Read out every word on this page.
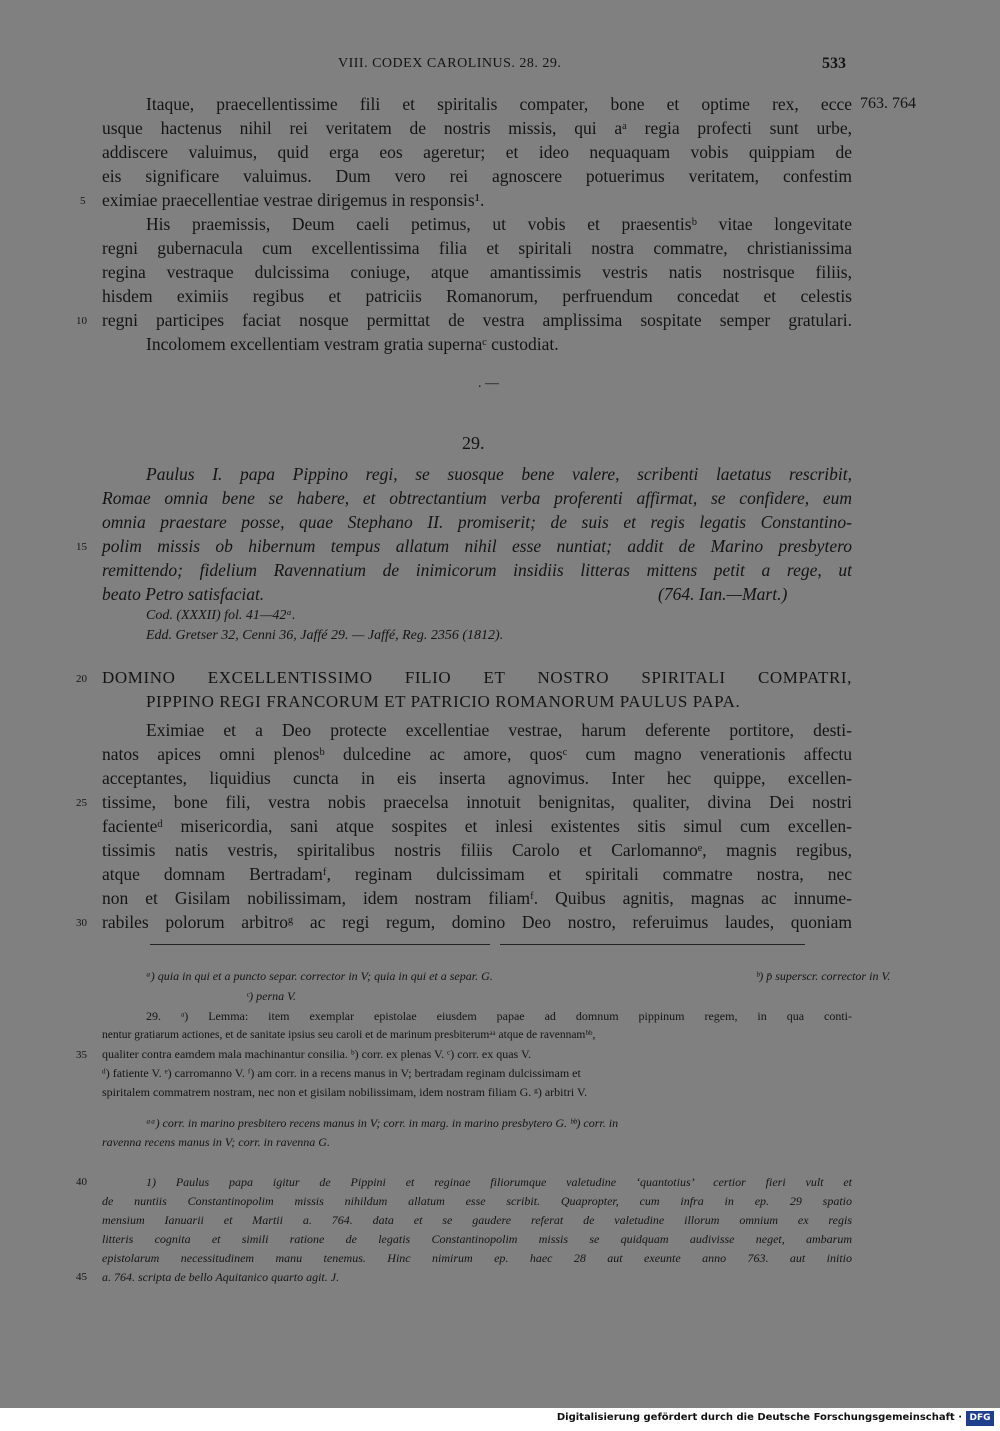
VIII. CODEX CAROLINUS. 28. 29.	533
763. 764
Itaque, praecellentissime fili et spiritalis compater, bone et optime rex, ecce
usque hactenus nihil rei veritatem de nostris missis, qui aᵃ regia profecti sunt urbe,
addiscere valuimus, quid erga eos ageretur; et ideo nequaquam vobis quippiam de
eis significare valuimus. Dum vero rei agnoscere potuerimus veritatem, confestim
eximiae praecellentiae vestrae dirigemus in responsis¹.
His praemissis, Deum caeli petimus, ut vobis et praesentisᵇ vitae longevitate
regni gubernacula cum excellentissima filia et spiritali nostra commatre, christianissima
regina vestraque dulcissima coniuge, atque amantissimis vestris natis nostrisque filiis,
hisdem eximiis regibus et patriciis Romanorum, perfruendum concedat et celestis
regni participes faciat nosque permittat de vestra amplissima sospitate semper gratulari.
Incolomem excellentiam vestram gratia supernaᶜ custodiat.
. —
29.
Paulus I. papa Pippino regi, se suosque bene valere, scribenti laetatus rescribit,
Romae omnia bene se habere, et obtrectantium verba proferenti affirmat, se confidere, eum
omnia praestare posse, quae Stephano II. promiserit; de suis et regis legatis Constantino-
polim missis ob hibernum tempus allatum nihil esse nuntiat; addit de Marino presbytero
remittendo; fidelium Ravennatium de inimicorum insidiis litteras mittens petit a rege, ut
beato Petro satisfaciat.	(764. Ian.—Mart.)
Cod. (XXXII) fol. 41—42ᵃ.
Edd. Gretser 32, Cenni 36, Jaffé 29. — Jaffé, Reg. 2356 (1812).
DOMINO EXCELLENTISSIMO FILIO ET NOSTRO SPIRITALI COMPATRI,
PIPPINO REGI FRANCORUM ET PATRICIO ROMANORUM PAULUS PAPA.
Eximiae et a Deo protecte excellentiae vestrae, harum deferente portitore, desti-
natos apices omni plenosᵇ dulcedine ac amore, quosᶜ cum magno venerationis affectu
acceptantes, liquidius cuncta in eis inserta agnovimus. Inter hec quippe, excellen-
tissime, bone fili, vestra nobis praecelsa innotuit benignitas, qualiter, divina Dei nostri
facienteᵈ misericordia, sani atque sospites et inlesi existentes sitis simul cum excellen-
tissimis natis vestris, spiritalibus nostris filiis Carolo et Carlomannoᵉ, magnis regibus,
atque domnam Bertradamᶠ, reginam dulcissimam et spiritali commatre nostra, nec
non et Gisilam nobilissimam, idem nostram filiamᶠ. Quibus agnitis, magnas ac innume-
rabiles polorum arbitroᵍ ac regi regum, domino Deo nostro, referuimus laudes, quoniam
ᵃ) quia in qui et a puncto separ. corrector in V; quia in qui et a separ. G.	ᵇ) p̄ superscr. corrector in V.
ᶜ) perna V.
29. ᵃ) Lemma: item exemplar epistolae eiusdem papae ad domnum pippinum regem, in qua conti-
nentur gratiarum actiones, et de sanitate ipsius seu caroli et de marinum presbiterumᵃᵃ atque de ravennamᵇᵇ,
qualiter contra eamdem mala machinantur consilia. ᵇ) corr. ex plenas V. ᶜ) corr. ex quas V.
ᵈ) fatiente V. ᵉ) carromanno V. ᶠ) am corr. in a recens manus in V; bertradam reginam dulcissimam et
spiritalem commatrem nostram, nec non et gisilam nobilissimam, idem nostram filiam G. ᵍ) arbitri V.
ᵃᵃ) corr. in marino presbitero recens manus in V; corr. in marg. in marino presbytero G. ᵇᵇ) corr. in
ravenna recens manus in V; corr. in ravenna G.
1) Paulus papa igitur de Pippini et reginae filiorumque valetudine ‘quantotius’ certior fieri vult et
de nuntiis Constantinopolim missis nihildum allatum esse scribit. Quapropter, cum infra in ep. 29 spatio
mensium Ianuarii et Martii a. 764. data et se gaudere referat de valetudine illorum omnium ex regis
litteris cognita et simili ratione de legatis Constantinopolim missis se quidquam audivisse neget, ambarum
epistolarum necessitudinem manu tenemus. Hinc nimirum ep. haec 28 aut exeunte anno 763. aut initio
a. 764. scripta de bello Aquitanico quarto agit. J.
5
10
15
20
25
30
35
40
45
Digitalisierung gefördert durch die Deutsche Forschungsgemeinschaft · DFG
